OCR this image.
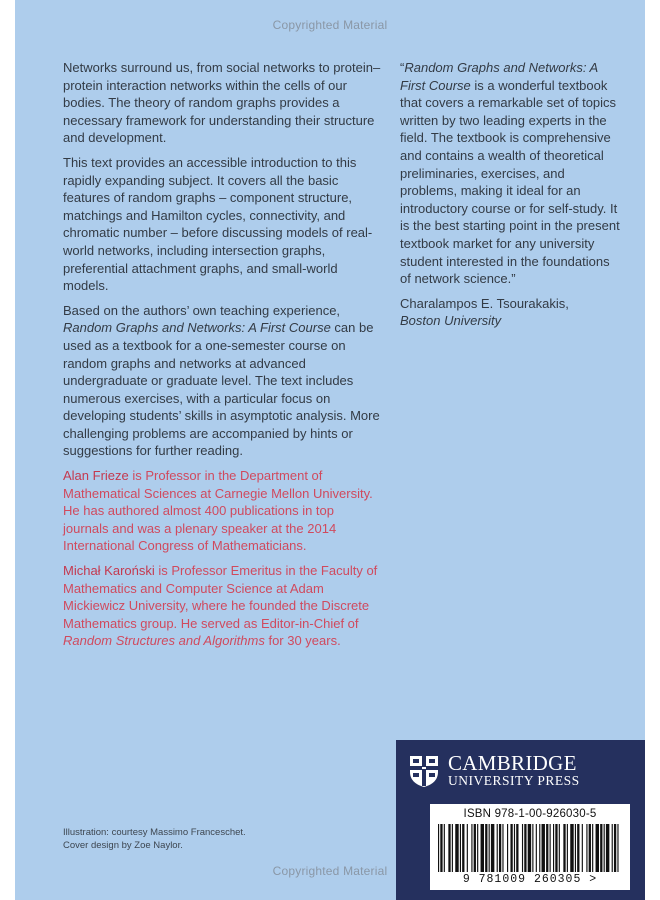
Copyrighted Material

Networks surround us, from social networks to protein–protein interaction networks within the cells of our bodies. The theory of random graphs provides a necessary framework for understanding their structure and development.

This text provides an accessible introduction to this rapidly expanding subject. It covers all the basic features of random graphs – component structure, matchings and Hamilton cycles, connectivity, and chromatic number – before discussing models of real-world networks, including intersection graphs, preferential attachment graphs, and small-world models.

Based on the authors’ own teaching experience, Random Graphs and Networks: A First Course can be used as a textbook for a one-semester course on random graphs and networks at advanced undergraduate or graduate level. The text includes numerous exercises, with a particular focus on developing students’ skills in asymptotic analysis. More challenging problems are accompanied by hints or suggestions for further reading.

Alan Frieze is Professor in the Department of Mathematical Sciences at Carnegie Mellon University. He has authored almost 400 publications in top journals and was a plenary speaker at the 2014 International Congress of Mathematicians.

Michał Karoński is Professor Emeritus in the Faculty of Mathematics and Computer Science at Adam Mickiewicz University, where he founded the Discrete Mathematics group. He served as Editor-in-Chief of Random Structures and Algorithms for 30 years.

“Random Graphs and Networks: A First Course is a wonderful textbook that covers a remarkable set of topics written by two leading experts in the field. The textbook is comprehensive and contains a wealth of theoretical preliminaries, exercises, and problems, making it ideal for an introductory course or for self-study. It is the best starting point in the present textbook market for any university student interested in the foundations of network science.”

Charalampos E. Tsourakakis,
Boston University

Illustration: courtesy Massimo Franceschet.
Cover design by Zoe Naylor.
Copyrighted Material
CAMBRIDGE
UNIVERSITY PRESS
ISBN 978-1-00-926030-5
9 781009 260305 >
